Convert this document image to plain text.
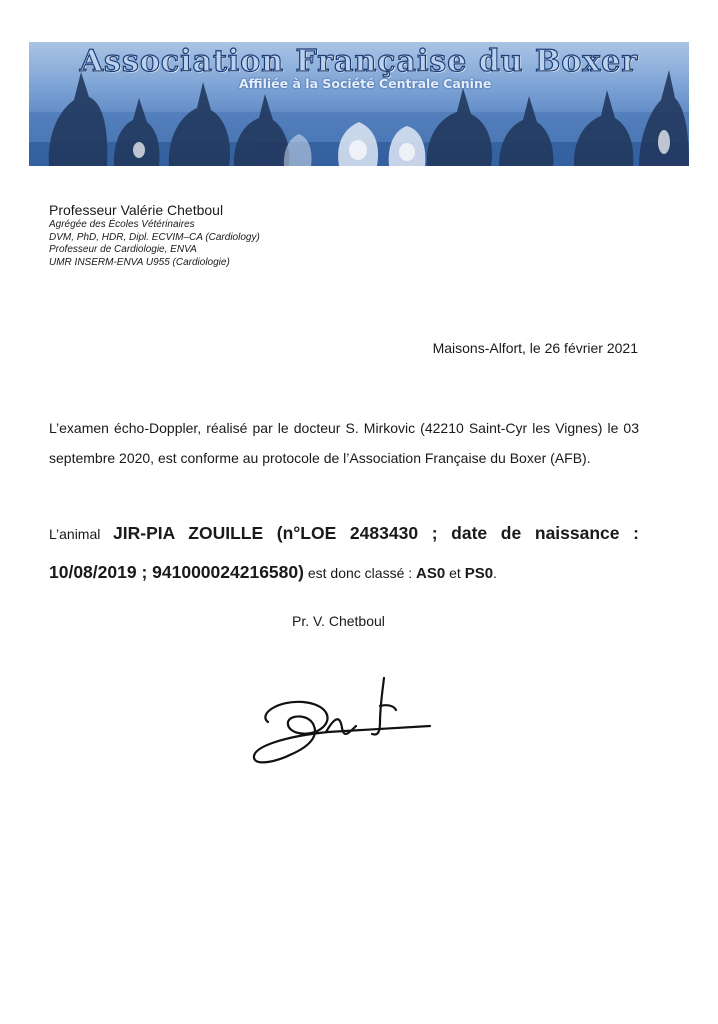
Association Française du Boxer
Affiliée à la Société Centrale Canine
Professeur Valérie Chetboul
Agrégée des Écoles Vétérinaires
DVM, PhD, HDR, Dipl. ECVIM–CA (Cardiology)
Professeur de Cardiologie, ENVA
UMR INSERM-ENVA U955 (Cardiologie)
Maisons-Alfort, le 26 février 2021
L’examen écho-Doppler, réalisé par le docteur S. Mirkovic (42210 Saint-Cyr les Vignes) le 03 septembre 2020, est conforme au protocole de l’Association Française du Boxer (AFB).
L’animal JIR-PIA ZOUILLE (n°LOE 2483430 ; date de naissance : 10/08/2019 ; 941000024216580) est donc classé : AS0 et PS0.
Pr. V. Chetboul
